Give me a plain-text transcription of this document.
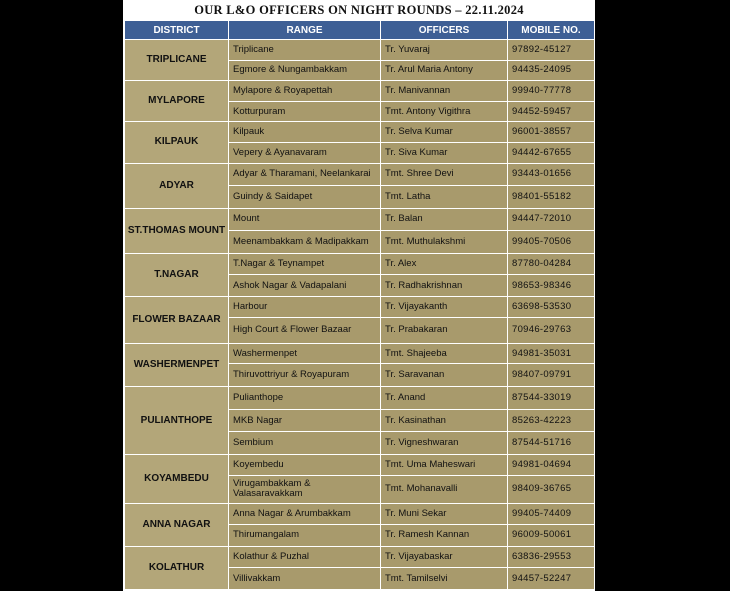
OUR L&O OFFICERS ON NIGHT ROUNDS – 22.11.2024
DISTRICT	RANGE	OFFICERS	MOBILE NO.
TRIPLICANE	Triplicane	Tr. Yuvaraj	97892-45127
	Egmore & Nungambakkam	Tr. Arul Maria Antony	94435-24095
MYLAPORE	Mylapore & Royapettah	Tr. Manivannan	99940-77778
	Kotturpuram	Tmt. Antony Vigithra	94452-59457
KILPAUK	Kilpauk	Tr. Selva Kumar	96001-38557
	Vepery & Ayanavaram	Tr. Siva Kumar	94442-67655
ADYAR	Adyar & Tharamani, Neelankarai	Tmt. Shree Devi	93443-01656
	Guindy & Saidapet	Tmt. Latha	98401-55182
ST.THOMAS MOUNT	Mount	Tr. Balan	94447-72010
	Meenambakkam & Madipakkam	Tmt. Muthulakshmi	99405-70506
T.NAGAR	T.Nagar & Teynampet	Tr. Alex	87780-04284
	Ashok Nagar & Vadapalani	Tr. Radhakrishnan	98653-98346
FLOWER BAZAAR	Harbour	Tr. Vijayakanth	63698-53530
	High Court & Flower Bazaar	Tr. Prabakaran	70946-29763
WASHERMENPET	Washermenpet	Tmt. Shajeeba	94981-35031
	Thiruvottriyur & Royapuram	Tr. Saravanan	98407-09791
PULIANTHOPE	Pulianthope	Tr. Anand	87544-33019
	MKB Nagar	Tr. Kasinathan	85263-42223
	Sembium	Tr. Vigneshwaran	87544-51716
KOYAMBEDU	Koyembedu	Tmt. Uma Maheswari	94981-04694
	Virugambakkam & Valasaravakkam	Tmt. Mohanavalli	98409-36765
ANNA NAGAR	Anna Nagar & Arumbakkam	Tr. Muni Sekar	99405-74409
	Thirumangalam	Tr. Ramesh Kannan	96009-50061
KOLATHUR	Kolathur & Puzhal	Tr. Vijayabaskar	63836-29553
	Villivakkam	Tmt. Tamilselvi	94457-52247
